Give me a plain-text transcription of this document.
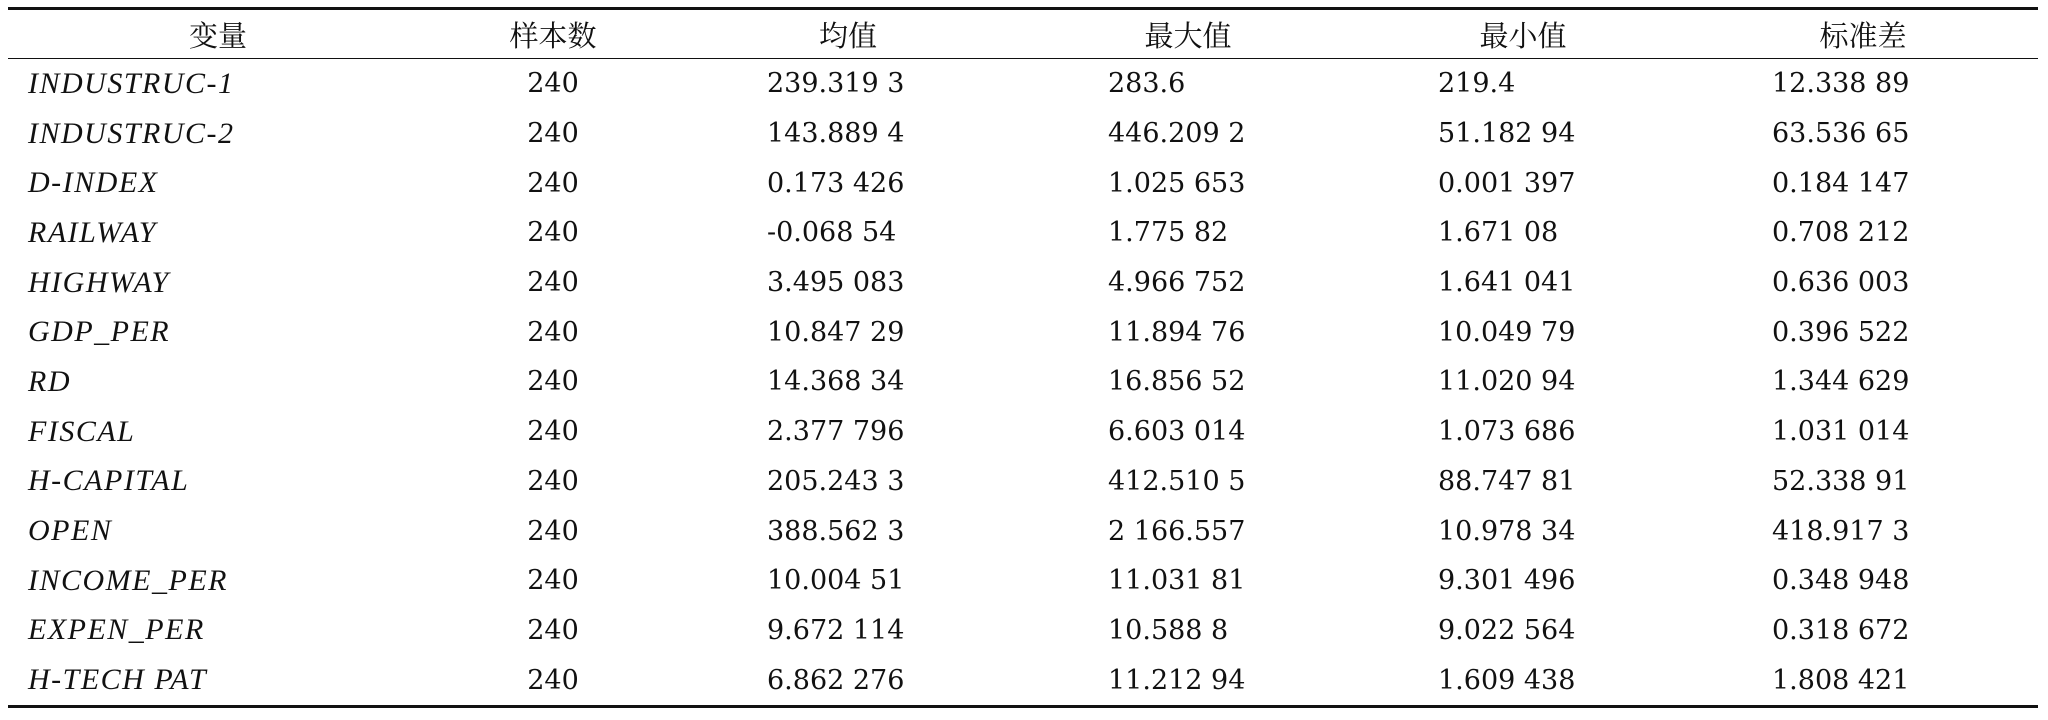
变量	样本数	均值	最大值	最小值	标准差
INDUSTRUC-1	240	239.319 3	283.6	219.4	12.338 89
INDUSTRUC-2	240	143.889 4	446.209 2	51.182 94	63.536 65
D-INDEX	240	0.173 426	1.025 653	0.001 397	0.184 147
RAILWAY	240	-0.068 54	1.775 82	1.671 08	0.708 212
HIGHWAY	240	3.495 083	4.966 752	1.641 041	0.636 003
GDP_PER	240	10.847 29	11.894 76	10.049 79	0.396 522
RD	240	14.368 34	16.856 52	11.020 94	1.344 629
FISCAL	240	2.377 796	6.603 014	1.073 686	1.031 014
H-CAPITAL	240	205.243 3	412.510 5	88.747 81	52.338 91
OPEN	240	388.562 3	2 166.557	10.978 34	418.917 3
INCOME_PER	240	10.004 51	11.031 81	9.301 496	0.348 948
EXPEN_PER	240	9.672 114	10.588 8	9.022 564	0.318 672
H-TECH PAT	240	6.862 276	11.212 94	1.609 438	1.808 421
